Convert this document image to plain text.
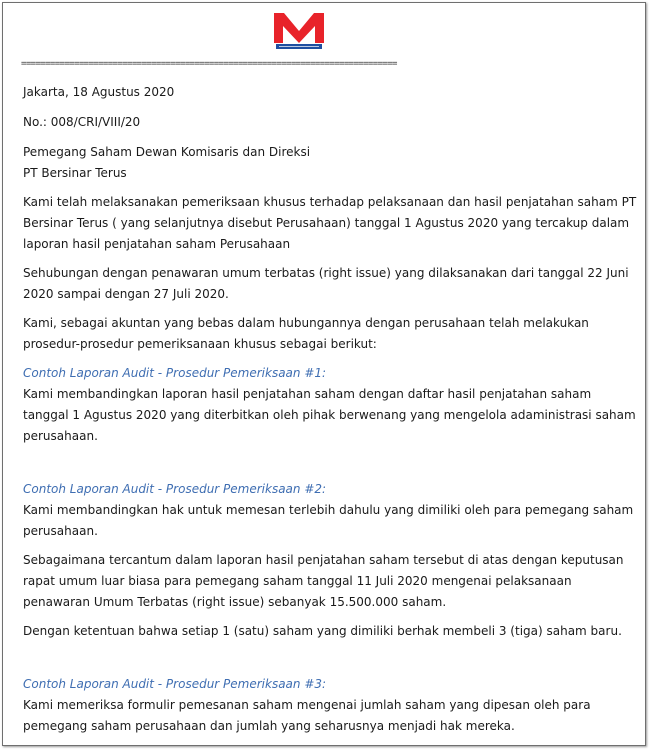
==============================================================================

Jakarta, 18 Agustus 2020

No.: 008/CRI/VIII/20

Pemegang Saham Dewan Komisaris dan Direksi

PT Bersinar Terus

Kami telah melaksanakan pemeriksaan khusus terhadap pelaksanaan dan hasil penjatahan saham PT

Bersinar Terus ( yang selanjutnya disebut Perusahaan) tanggal 1 Agustus 2020 yang tercakup dalam

laporan hasil penjatahan saham Perusahaan

Sehubungan dengan penawaran umum terbatas (right issue) yang dilaksanakan dari tanggal 22 Juni

2020 sampai dengan 27 Juli 2020.

Kami, sebagai akuntan yang bebas dalam hubungannya dengan perusahaan telah melakukan

prosedur-prosedur pemeriksanaan khusus sebagai berikut:

Contoh Laporan Audit - Prosedur Pemeriksaan #1:

Kami membandingkan laporan hasil penjatahan saham dengan daftar hasil penjatahan saham

tanggal 1 Agustus 2020 yang diterbitkan oleh pihak berwenang yang mengelola adaministrasi saham

perusahaan.

Contoh Laporan Audit - Prosedur Pemeriksaan #2:

Kami membandingkan hak untuk memesan terlebih dahulu yang dimiliki oleh para pemegang saham

perusahaan.

Sebagaimana tercantum dalam laporan hasil penjatahan saham tersebut di atas dengan keputusan

rapat umum luar biasa para pemegang saham tanggal 11 Juli 2020 mengenai pelaksanaan

penawaran Umum Terbatas (right issue) sebanyak 15.500.000 saham.

Dengan ketentuan bahwa setiap 1 (satu) saham yang dimiliki berhak membeli 3 (tiga) saham baru.

Contoh Laporan Audit - Prosedur Pemeriksaan #3:

Kami memeriksa formulir pemesanan saham mengenai jumlah saham yang dipesan oleh para

pemegang saham perusahaan dan jumlah yang seharusnya menjadi hak mereka.
